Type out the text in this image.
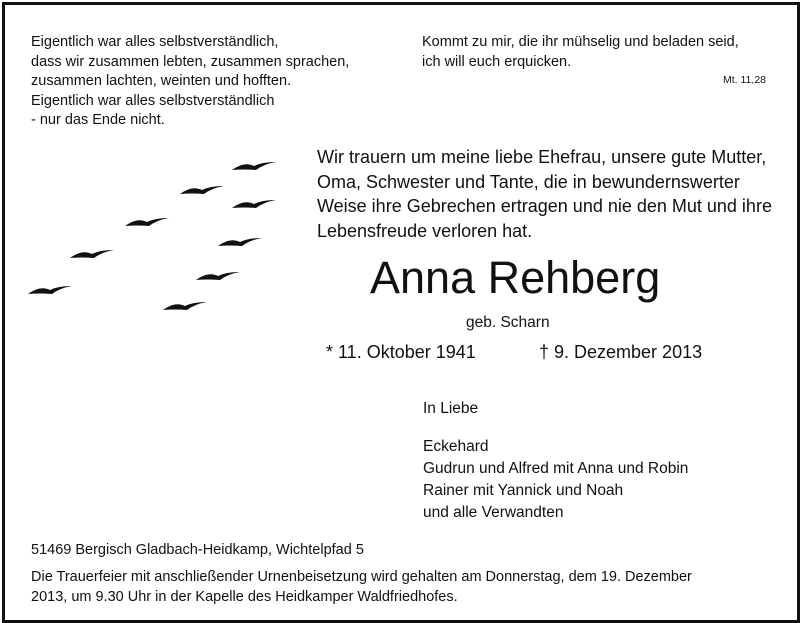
Eigentlich war alles selbstverständlich,
dass wir zusammen lebten, zusammen sprachen,
zusammen lachten, weinten und hofften.
Eigentlich war alles selbstverständlich
- nur das Ende nicht.
Kommt zu mir, die ihr mühselig und beladen seid,
ich will euch erquicken.
Mt. 11,28
Wir trauern um meine liebe Ehefrau, unsere gute Mutter,
Oma, Schwester und Tante, die in bewundernswerter
Weise ihre Gebrechen ertragen und nie den Mut und ihre
Lebensfreude verloren hat.
Anna Rehberg
geb. Scharn
* 11. Oktober 1941	† 9. Dezember 2013
In Liebe
Eckehard
Gudrun und Alfred mit Anna und Robin
Rainer mit Yannick und Noah
und alle Verwandten
51469 Bergisch Gladbach-Heidkamp, Wichtelpfad 5
Die Trauerfeier mit anschließender Urnenbeisetzung wird gehalten am Donnerstag, dem 19. Dezember
2013, um 9.30 Uhr in der Kapelle des Heidkamper Waldfriedhofes.
